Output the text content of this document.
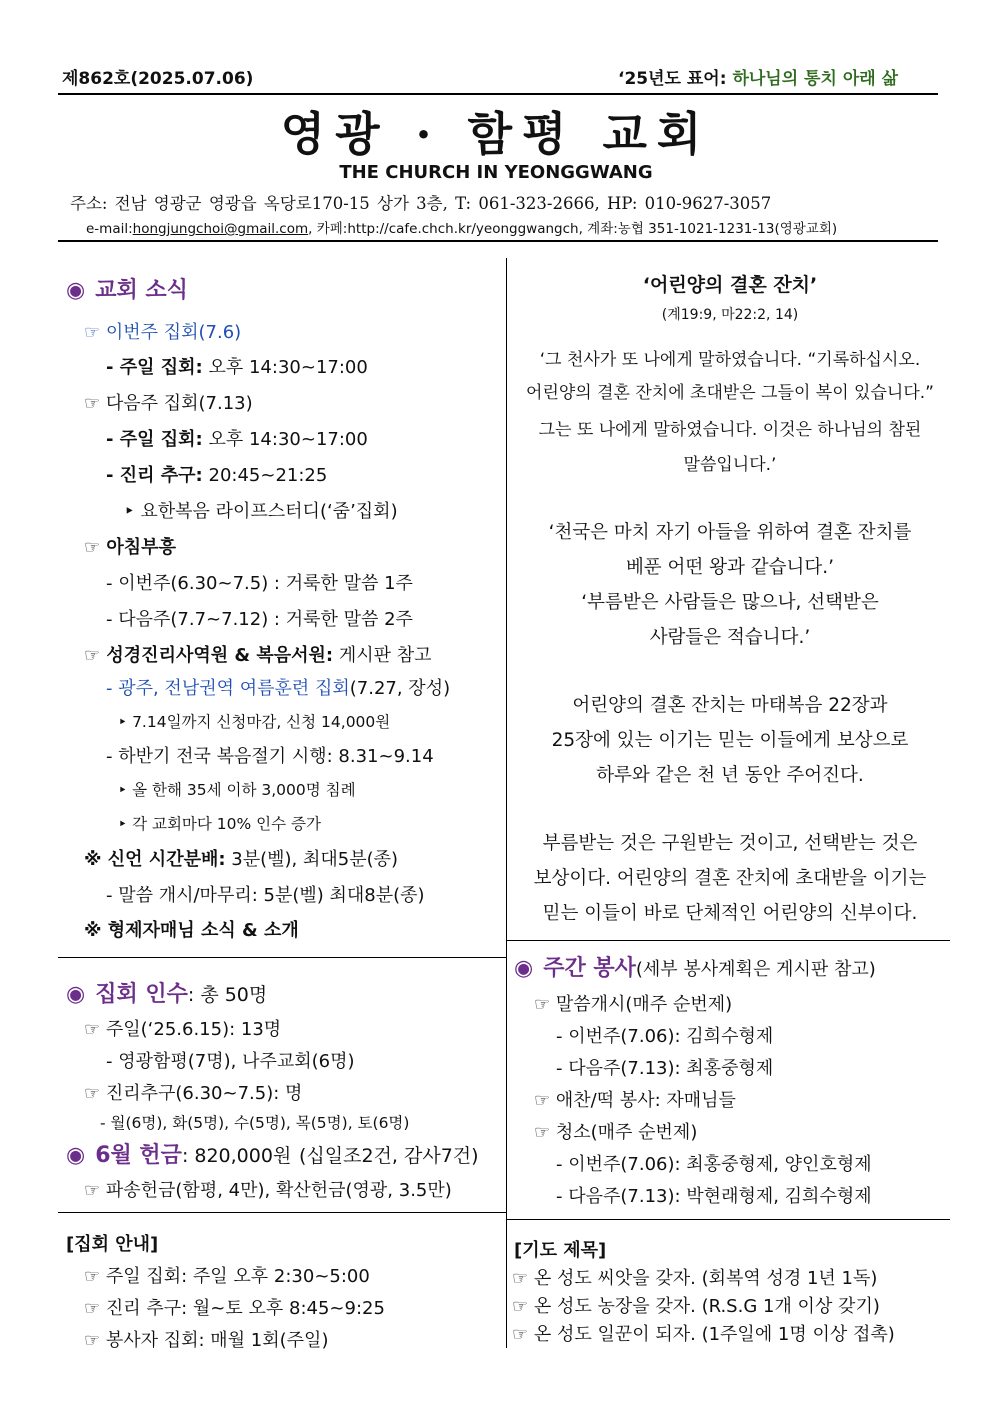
제862호(2025.07.06)	‘25년도 표어: 하나님의 통치 아래 삶
영광 · 함평 교회
THE CHURCH IN YEONGGWANG
주소: 전남 영광군 영광읍 옥당로170-15 상가 3층, T: 061-323-2666, HP: 010-9627-3057
e-mail:hongjungchoi@gmail.com, 카페:http://cafe.chch.kr/yeonggwangch, 계좌:농협 351-1021-1231-13(영광교회)
◉ 교회 소식
☞ 이번주 집회(7.6)
- 주일 집회: 오후 14:30~17:00
☞ 다음주 집회(7.13)
- 주일 집회: 오후 14:30~17:00
- 진리 추구: 20:45~21:25
‣ 요한복음 라이프스터디(‘줌’집회)
☞ 아침부흥
- 이번주(6.30~7.5) : 거룩한 말씀 1주
- 다음주(7.7~7.12) : 거룩한 말씀 2주
☞ 성경진리사역원 & 복음서원: 게시판 참고
- 광주, 전남권역 여름훈련 집회(7.27, 장성)
‣ 7.14일까지 신청마감, 신청 14,000원
- 하반기 전국 복음절기 시행: 8.31~9.14
‣ 올 한해 35세 이하 3,000명 침례
‣ 각 교회마다 10% 인수 증가
※ 신언 시간분배: 3분(벨), 최대5분(종)
- 말씀 개시/마무리: 5분(벨) 최대8분(종)
※ 형제자매님 소식 & 소개
◉ 집회 인수: 총 50명
☞ 주일(‘25.6.15): 13명
- 영광함평(7명), 나주교회(6명)
☞ 진리추구(6.30~7.5): 명
- 월(6명), 화(5명), 수(5명), 목(5명), 토(6명)
◉ 6월 헌금: 820,000원 (십일조2건, 감사7건)
☞ 파송헌금(함평, 4만), 확산헌금(영광, 3.5만)
[집회 안내]
☞ 주일 집회: 주일 오후 2:30~5:00
☞ 진리 추구: 월~토 오후 8:45~9:25
☞ 봉사자 집회: 매월 1회(주일)
‘어린양의 결혼 잔치’
(계19:9, 마22:2, 14)
‘그 천사가 또 나에게 말하였습니다. “기록하십시오.
어린양의 결혼 잔치에 초대받은 그들이 복이 있습니다.”
그는 또 나에게 말하였습니다. 이것은 하나님의 참된
말씀입니다.’
‘천국은 마치 자기 아들을 위하여 결혼 잔치를
베푼 어떤 왕과 같습니다.’
‘부름받은 사람들은 많으나, 선택받은
사람들은 적습니다.’
어린양의 결혼 잔치는 마태복음 22장과
25장에 있는 이기는 믿는 이들에게 보상으로
하루와 같은 천 년 동안 주어진다.
부름받는 것은 구원받는 것이고, 선택받는 것은
보상이다. 어린양의 결혼 잔치에 초대받을 이기는
믿는 이들이 바로 단체적인 어린양의 신부이다.
◉ 주간 봉사(세부 봉사계획은 게시판 참고)
☞ 말씀개시(매주 순번제)
- 이번주(7.06): 김희수형제
- 다음주(7.13): 최홍중형제
☞ 애찬/떡 봉사: 자매님들
☞ 청소(매주 순번제)
- 이번주(7.06): 최홍중형제, 양인호형제
- 다음주(7.13): 박현래형제, 김희수형제
[기도 제목]
☞ 온 성도 씨앗을 갖자. (회복역 성경 1년 1독)
☞ 온 성도 농장을 갖자. (R.S.G 1개 이상 갖기)
☞ 온 성도 일꾼이 되자. (1주일에 1명 이상 접촉)
